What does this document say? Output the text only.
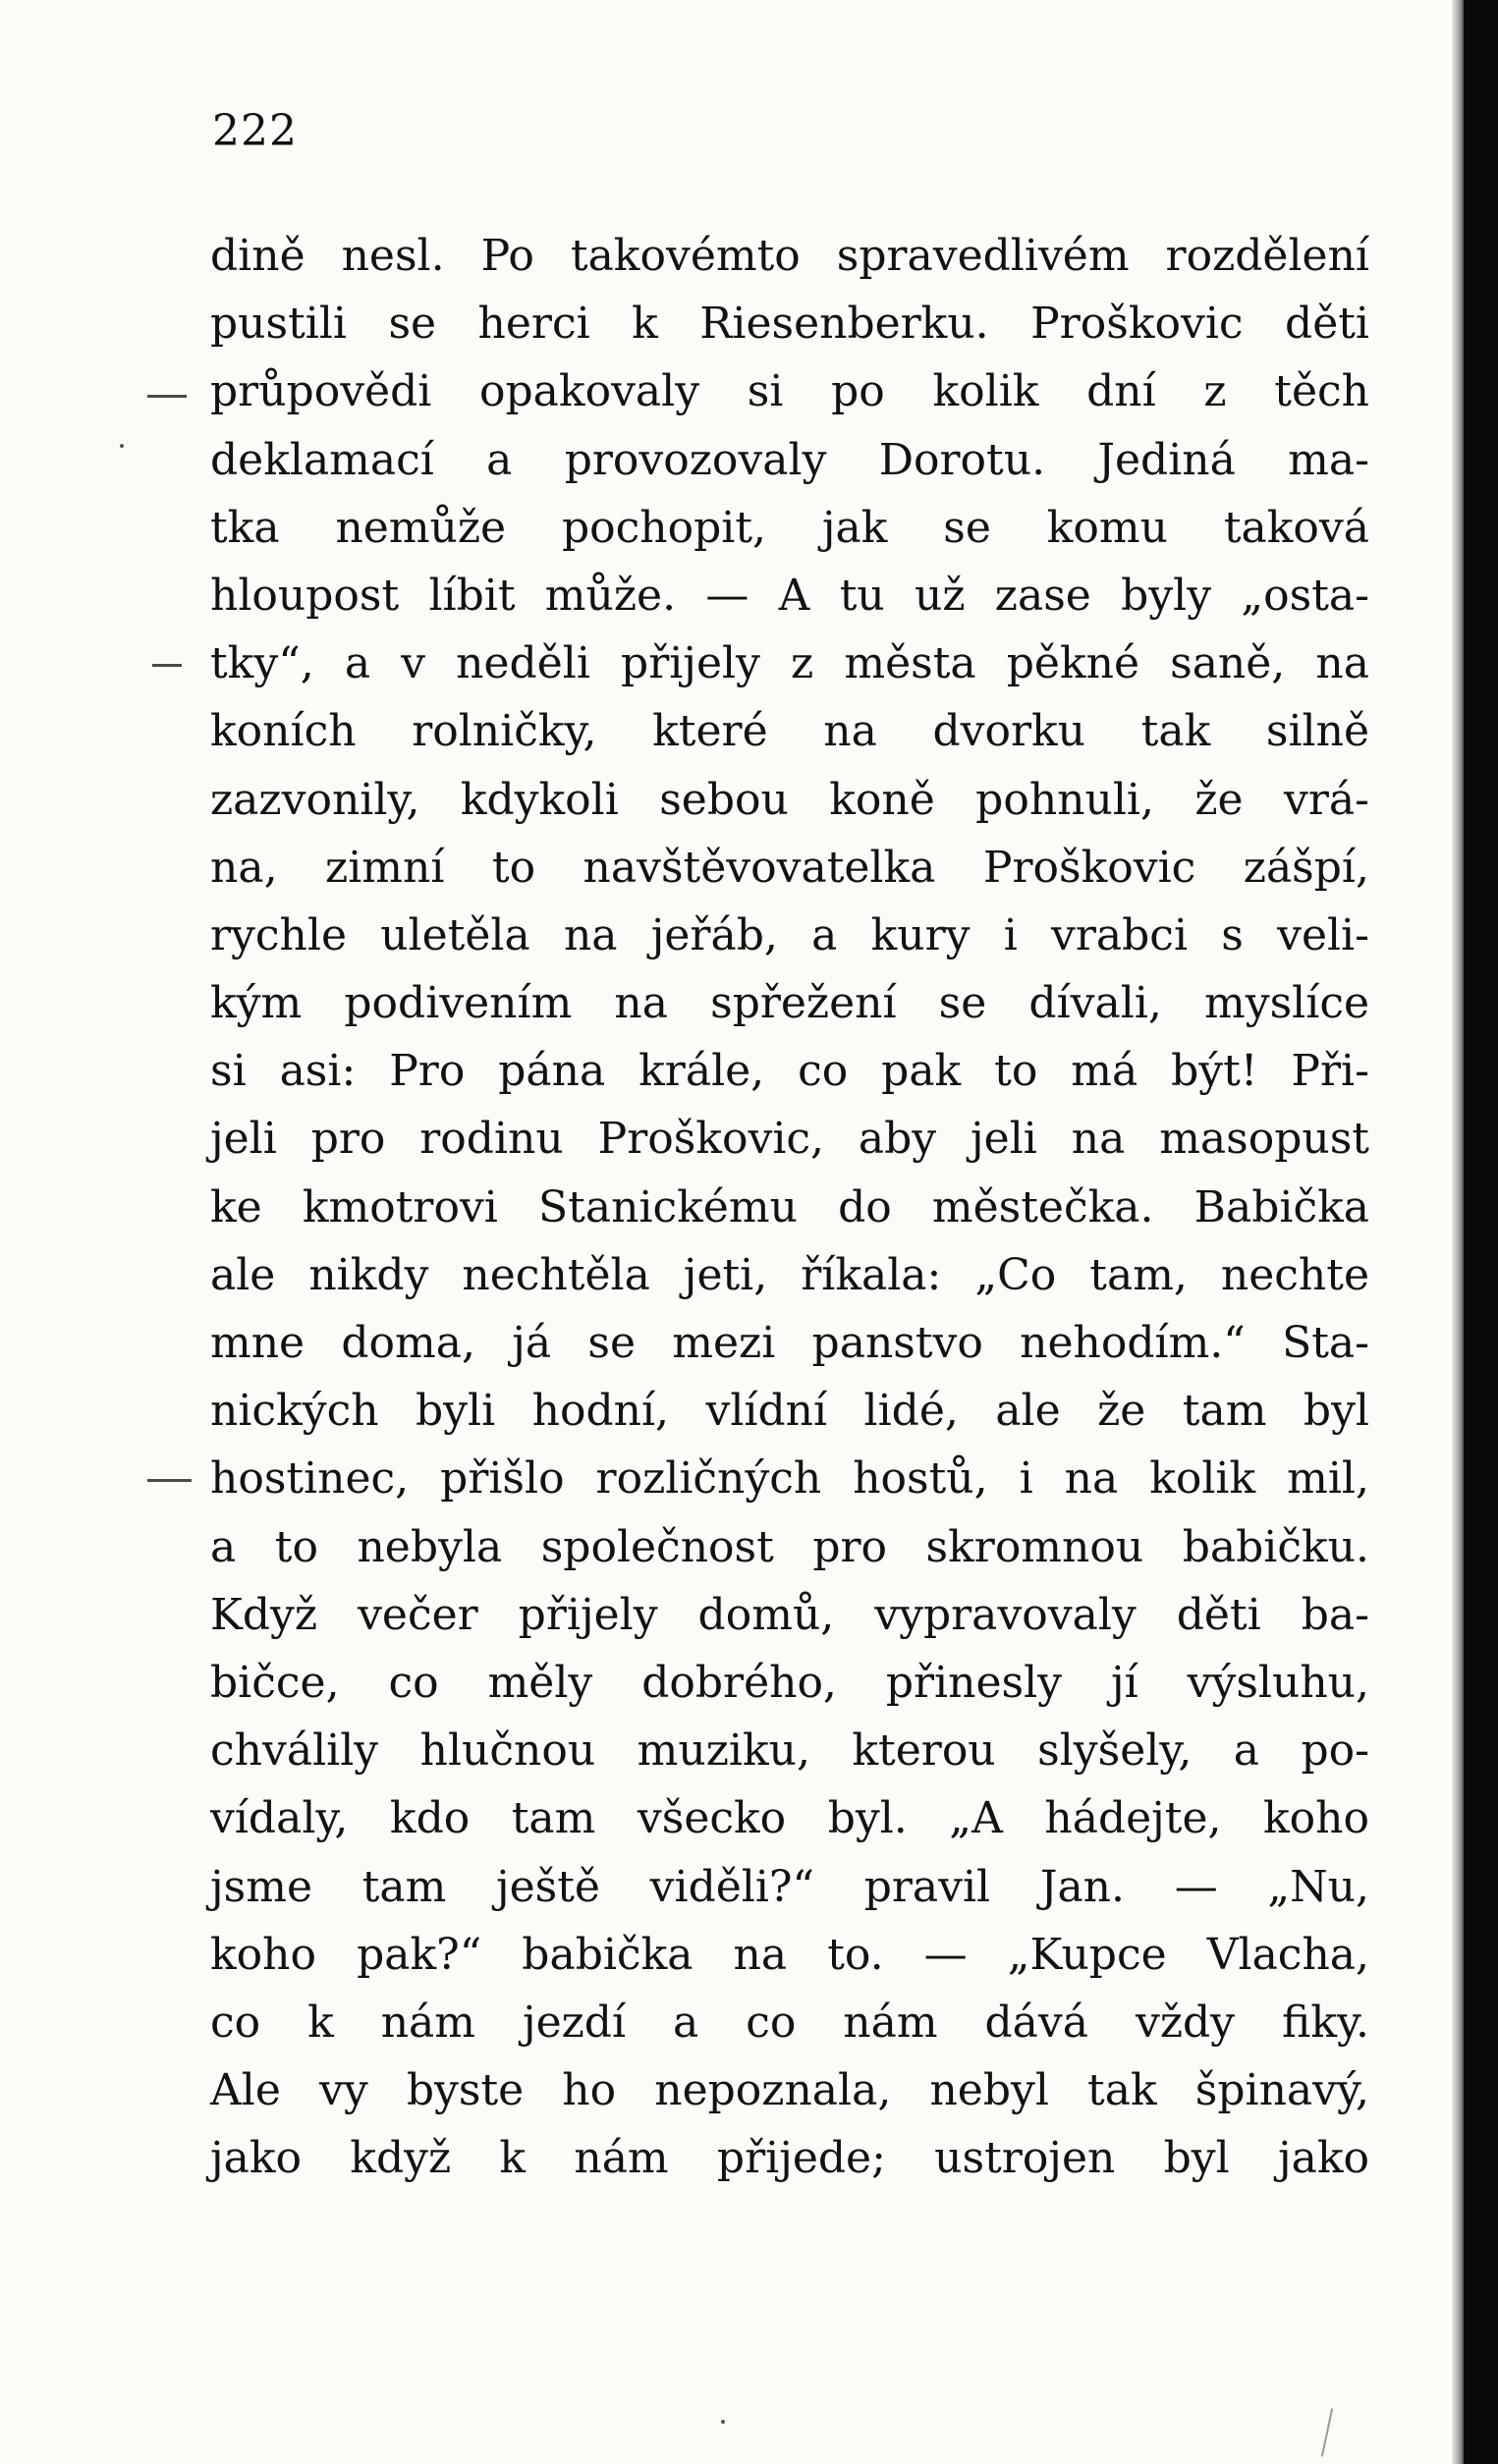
222
dině nesl. Po takovémto spravedlivém rozdělení
pustili se herci k Riesenberku. Proškovic děti
průpovědi opakovaly si po kolik dní z těch
deklamací a provozovaly Dorotu. Jediná ma-
tka nemůže pochopit, jak se komu taková
hloupost líbit může. — A tu už zase byly „osta-
tky“, a v neděli přijely z města pěkné saně, na
koních rolničky, které na dvorku tak silně
zazvonily, kdykoli sebou koně pohnuli, že vrá-
na, zimní to navštěvovatelka Proškovic zášpí,
rychle uletěla na jeřáb, a kury i vrabci s veli-
kým podivením na spřežení se dívali, myslíce
si asi: Pro pána krále, co pak to má být! Při-
jeli pro rodinu Proškovic, aby jeli na masopust
ke kmotrovi Stanickému do městečka. Babička
ale nikdy nechtěla jeti, říkala: „Co tam, nechte
mne doma, já se mezi panstvo nehodím.“ Sta-
nických byli hodní, vlídní lidé, ale že tam byl
hostinec, přišlo rozličných hostů, i na kolik mil,
a to nebyla společnost pro skromnou babičku.
Když večer přijely domů, vypravovaly děti ba-
bičce, co měly dobrého, přinesly jí výsluhu,
chválily hlučnou muziku, kterou slyšely, a po-
vídaly, kdo tam všecko byl. „A hádejte, koho
jsme tam ještě viděli?“ pravil Jan. — „Nu,
koho pak?“ babička na to. — „Kupce Vlacha,
co k nám jezdí a co nám dává vždy fiky.
Ale vy byste ho nepoznala, nebyl tak špinavý,
jako když k nám přijede; ustrojen byl jako
